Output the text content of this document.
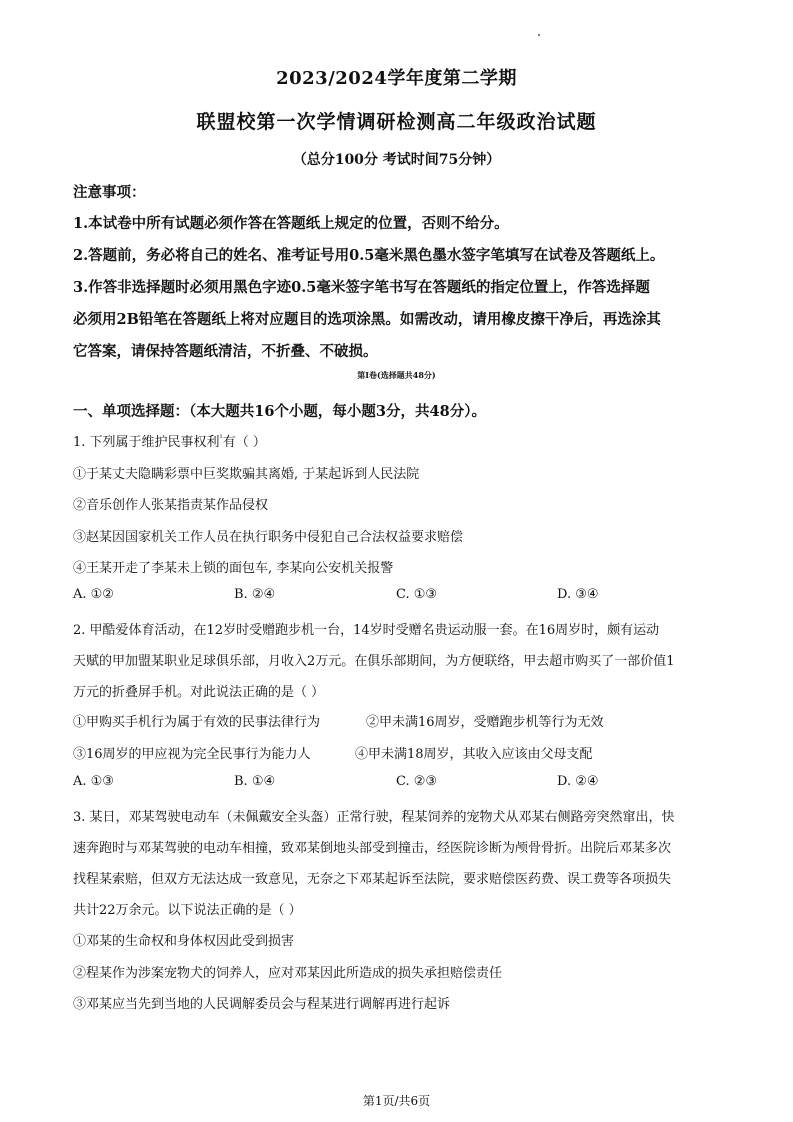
2023/2024学年度第二学期
联盟校第一次学情调研检测高二年级政治试题
（总分100分 考试时间75分钟）
注意事项：
1.本试卷中所有试题必须作答在答题纸上规定的位置，否则不给分。
2.答题前，务必将自己的姓名、准考证号用0.5毫米黑色墨水签字笔填写在试卷及答题纸上。
3.作答非选择题时必须用黑色字迹0.5毫米签字笔书写在答题纸的指定位置上，作答选择题
必须用2B铅笔在答题纸上将对应题目的选项涂黑。如需改动，请用橡皮擦干净后，再选涂其
它答案，请保持答题纸清洁，不折叠、不破损。
第Ⅰ卷(选择题共48分)
一、单项选择题：（本大题共16个小题，每小题3分，共48分）。
1. 下列属于维护民事权利$^{^1}$有（ ）
①于某丈夫隐瞒彩票中巨奖欺骗其离婚, 于某起诉到人民法院
②音乐创作人张某指责某作品侵权
③赵某因国家机关工作人员在执行职务中侵犯自己合法权益要求赔偿
④王某开走了李某未上锁的面包车, 李某向公安机关报警
A. ①②	B. ②④	C. ①③	D. ③④
2. 甲酷爱体育活动，在12岁时受赠跑步机一台，14岁时受赠名贵运动服一套。在16周岁时，颇有运动
天赋的甲加盟某职业足球俱乐部，月收入2万元。在俱乐部期间，为方便联络，甲去超市购买了一部价值1
万元的折叠屏手机。对此说法正确的是（ ）
①甲购买手机行为属于有效的民事法律行为	②甲未满16周岁，受赠跑步机等行为无效
③16周岁的甲应视为完全民事行为能力人	④甲未满18周岁，其收入应该由父母支配
A. ①③	B. ①④	C. ②③	D. ②④
3. 某日，邓某驾驶电动车（未佩戴安全头盔）正常行驶，程某饲养的宠物犬从邓某右侧路旁突然窜出，快
速奔跑时与邓某驾驶的电动车相撞，致邓某倒地头部受到撞击，经医院诊断为颅骨骨折。出院后邓某多次
找程某索赔，但双方无法达成一致意见，无奈之下邓某起诉至法院，要求赔偿医药费、误工费等各项损失
共计22万余元。以下说法正确的是（ ）
①邓某的生命权和身体权因此受到损害
②程某作为涉案宠物犬的饲养人，应对邓某因此所造成的损失承担赔偿责任
③邓某应当先到当地的人民调解委员会与程某进行调解再进行起诉
第1页/共6页
